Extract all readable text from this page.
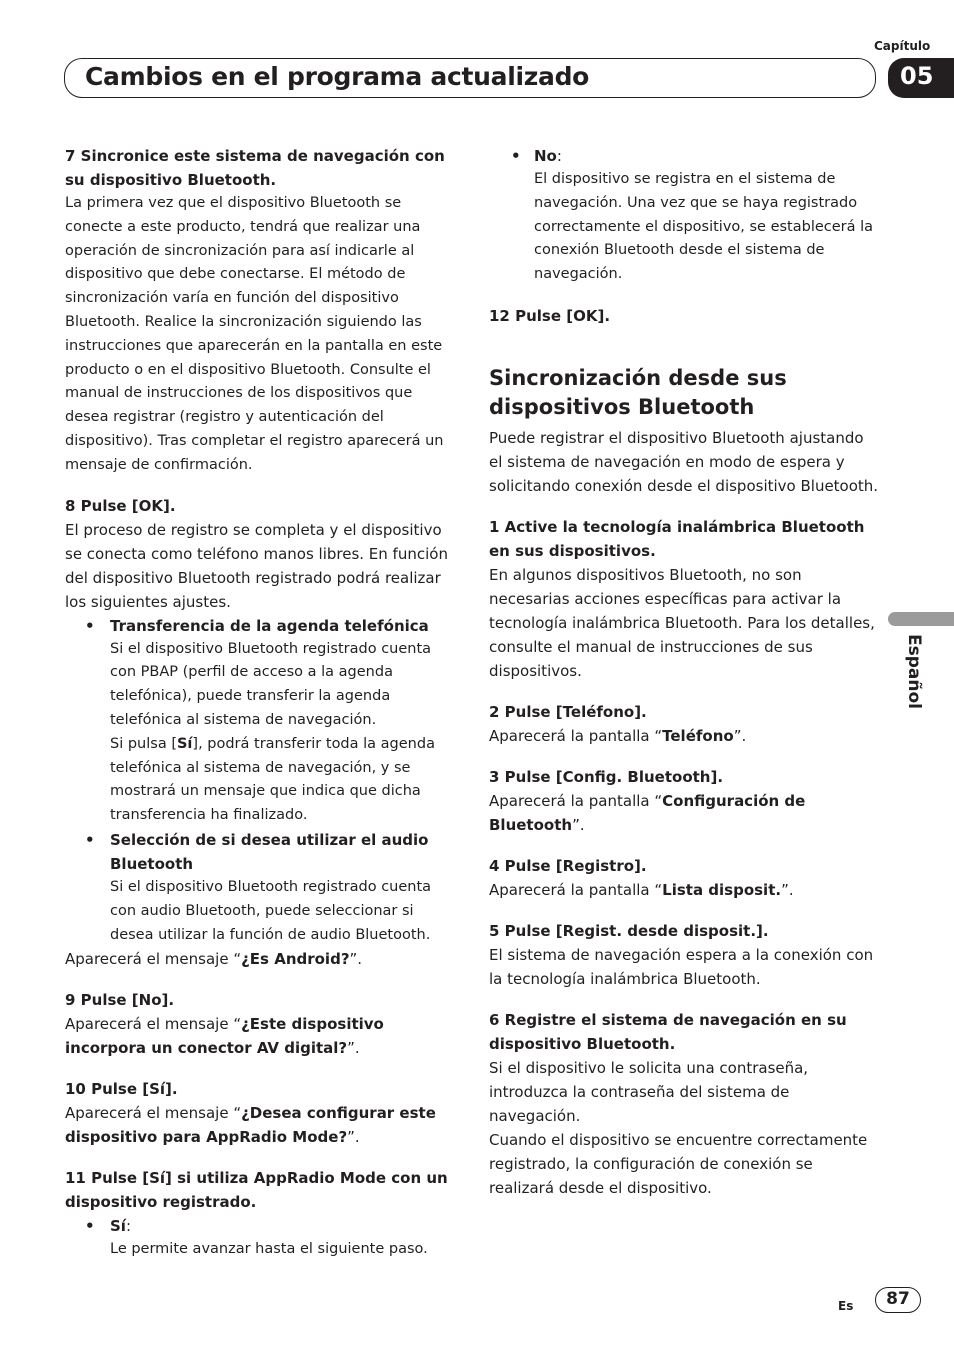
Capítulo
Cambios en el programa actualizado	05
Español

7 Sincronice este sistema de navegación con su dispositivo Bluetooth.

La primera vez que el dispositivo Bluetooth se conecte a este producto, tendrá que realizar una operación de sincronización para así indicarle al dispositivo que debe conectarse. El método de sincronización varía en función del dispositivo Bluetooth. Realice la sincronización siguiendo las instrucciones que aparecerán en la pantalla en este producto o en el dispositivo Bluetooth. Consulte el manual de instrucciones de los dispositivos que desea registrar (registro y autenticación del dispositivo). Tras completar el registro aparecerá un mensaje de confirmación.

8 Pulse [OK].

El proceso de registro se completa y el dispositivo se conecta como teléfono manos libres. En función del dispositivo Bluetooth registrado podrá realizar los siguientes ajustes.

• Transferencia de la agenda telefónica

Si el dispositivo Bluetooth registrado cuenta con PBAP (perfil de acceso a la agenda telefónica), puede transferir la agenda telefónica al sistema de navegación.

Si pulsa [Sí], podrá transferir toda la agenda telefónica al sistema de navegación, y se mostrará un mensaje que indica que dicha transferencia ha finalizado.

• Selección de si desea utilizar el audio Bluetooth

Si el dispositivo Bluetooth registrado cuenta con audio Bluetooth, puede seleccionar si desea utilizar la función de audio Bluetooth.

Aparecerá el mensaje “¿Es Android?”.

9 Pulse [No].

Aparecerá el mensaje “¿Este dispositivo incorpora un conector AV digital?”.

10 Pulse [Sí].

Aparecerá el mensaje “¿Desea configurar este dispositivo para AppRadio Mode?”.

11 Pulse [Sí] si utiliza AppRadio Mode con un dispositivo registrado.

• Sí:

Le permite avanzar hasta el siguiente paso.

• No:

El dispositivo se registra en el sistema de navegación. Una vez que se haya registrado correctamente el dispositivo, se establecerá la conexión Bluetooth desde el sistema de navegación.

12 Pulse [OK].

Sincronización desde sus dispositivos Bluetooth

Puede registrar el dispositivo Bluetooth ajustando el sistema de navegación en modo de espera y solicitando conexión desde el dispositivo Bluetooth.

1 Active la tecnología inalámbrica Bluetooth en sus dispositivos.

En algunos dispositivos Bluetooth, no son necesarias acciones específicas para activar la tecnología inalámbrica Bluetooth. Para los detalles, consulte el manual de instrucciones de sus dispositivos.

2 Pulse [Teléfono].

Aparecerá la pantalla “Teléfono”.

3 Pulse [Config. Bluetooth].

Aparecerá la pantalla “Configuración de Bluetooth”.

4 Pulse [Registro].

Aparecerá la pantalla “Lista disposit.”.

5 Pulse [Regist. desde disposit.].

El sistema de navegación espera a la conexión con la tecnología inalámbrica Bluetooth.

6 Registre el sistema de navegación en su dispositivo Bluetooth.

Si el dispositivo le solicita una contraseña, introduzca la contraseña del sistema de navegación.

Cuando el dispositivo se encuentre correctamente registrado, la configuración de conexión se realizará desde el dispositivo.

Es	87
